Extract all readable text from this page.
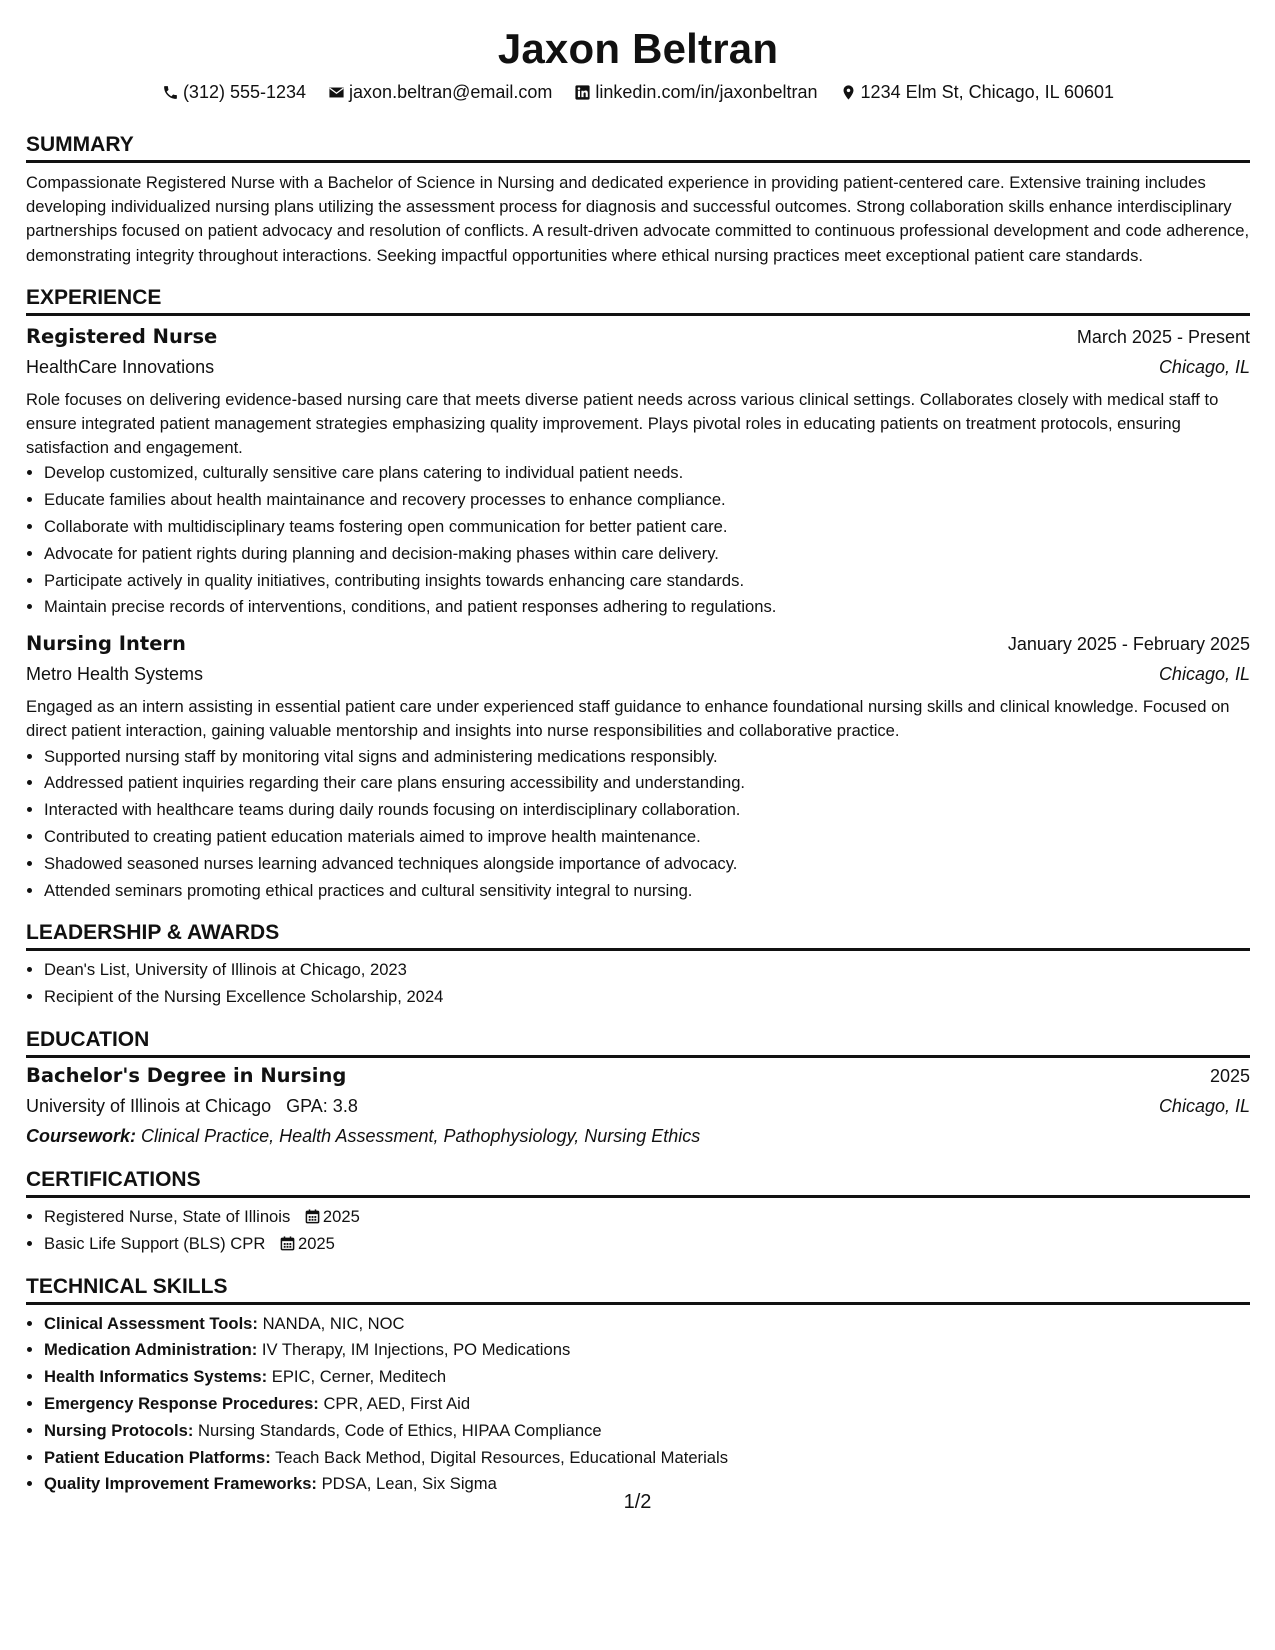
Jaxon Beltran
(312) 555-1234 jaxon.beltran@email.com linkedin.com/in/jaxonbeltran 1234 Elm St, Chicago, IL 60601
SUMMARY

Compassionate Registered Nurse with a Bachelor of Science in Nursing and dedicated experience in providing patient-centered care. Extensive training includes developing individualized nursing plans utilizing the assessment process for diagnosis and successful outcomes. Strong collaboration skills enhance interdisciplinary partnerships focused on patient advocacy and resolution of conflicts. A result-driven advocate committed to continuous professional development and code adherence, demonstrating integrity throughout interactions. Seeking impactful opportunities where ethical nursing practices meet exceptional patient care standards.

EXPERIENCE
Registered Nurse	March 2025 - Present
HealthCare Innovations	Chicago, IL

Role focuses on delivering evidence-based nursing care that meets diverse patient needs across various clinical settings. Collaborates closely with medical staff to ensure integrated patient management strategies emphasizing quality improvement. Plays pivotal roles in educating patients on treatment protocols, ensuring satisfaction and engagement.

• Develop customized, culturally sensitive care plans catering to individual patient needs.
• Educate families about health maintainance and recovery processes to enhance compliance.
• Collaborate with multidisciplinary teams fostering open communication for better patient care.
• Advocate for patient rights during planning and decision-making phases within care delivery.
• Participate actively in quality initiatives, contributing insights towards enhancing care standards.
• Maintain precise records of interventions, conditions, and patient responses adhering to regulations.
Nursing Intern	January 2025 - February 2025
Metro Health Systems	Chicago, IL

Engaged as an intern assisting in essential patient care under experienced staff guidance to enhance foundational nursing skills and clinical knowledge. Focused on direct patient interaction, gaining valuable mentorship and insights into nurse responsibilities and collaborative practice.

• Supported nursing staff by monitoring vital signs and administering medications responsibly.
• Addressed patient inquiries regarding their care plans ensuring accessibility and understanding.
• Interacted with healthcare teams during daily rounds focusing on interdisciplinary collaboration.
• Contributed to creating patient education materials aimed to improve health maintenance.
• Shadowed seasoned nurses learning advanced techniques alongside importance of advocacy.
• Attended seminars promoting ethical practices and cultural sensitivity integral to nursing.
LEADERSHIP & AWARDS
• Dean's List, University of Illinois at Chicago, 2023
• Recipient of the Nursing Excellence Scholarship, 2024
EDUCATION
Bachelor's Degree in Nursing	2025
University of Illinois at Chicago GPA: 3.8	Chicago, IL
Coursework: Clinical Practice, Health Assessment, Pathophysiology, Nursing Ethics
CERTIFICATIONS
• Registered Nurse, State of Illinois 2025
• Basic Life Support (BLS) CPR 2025
TECHNICAL SKILLS
• Clinical Assessment Tools: NANDA, NIC, NOC
• Medication Administration: IV Therapy, IM Injections, PO Medications
• Health Informatics Systems: EPIC, Cerner, Meditech
• Emergency Response Procedures: CPR, AED, First Aid
• Nursing Protocols: Nursing Standards, Code of Ethics, HIPAA Compliance
• Patient Education Platforms: Teach Back Method, Digital Resources, Educational Materials
• Quality Improvement Frameworks: PDSA, Lean, Six Sigma
1/2
